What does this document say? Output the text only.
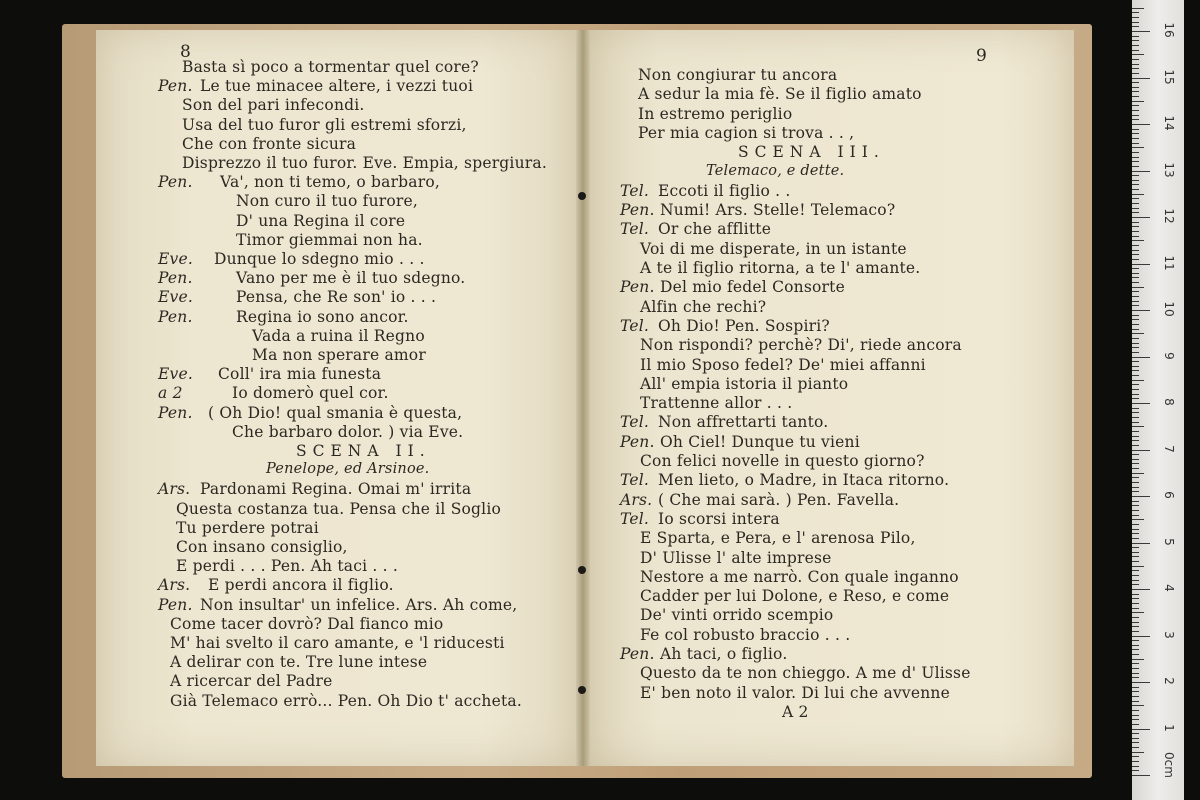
8	9
Basta sì poco a tormentar quel core?
Pen. Le tue minacee altere, i vezzi tuoi
Son del pari infecondi.
Usa del tuo furor gli estremi sforzi,
Che con fronte sicura
Disprezzo il tuo furor. Eve. Empia, spergiura.
Pen. Va', non ti temo, o barbaro,
Non curo il tuo furore,
D' una Regina il core
Timor giemmai non ha.
Eve. Dunque lo sdegno mio . . .
Pen.	Vano per me è il tuo sdegno.
Eve.	Pensa, che Re son' io . . .
Pen.	Regina io sono ancor.
Vada a ruina il Regno
Ma non sperare amor
Eve. Coll' ira mia funesta
a 2	Io domerò quel cor.
Pen. ( Oh Dio! qual smania è questa,
Che barbaro dolor. ) via Eve.
SCENA II.
Penelope, ed Arsinoe.
Ars. Pardonami Regina. Omai m' irrita
Questa costanza tua. Pensa che il Soglio
Tu perdere potrai
Con insano consiglio,
E perdi . . . Pen. Ah taci . . .
Ars. E perdi ancora il figlio.
Pen. Non insultar' un infelice. Ars. Ah come,
Come tacer dovrò? Dal fianco mio
M' hai svelto il caro amante, e 'l riducesti
A delirar con te. Tre lune intese
A ricercar del Padre
Già Telemaco errò... Pen. Oh Dio t' accheta.
Non congiurar tu ancora
A sedur la mia fè. Se il figlio amato
In estremo periglio
Per mia cagion si trova . . ,
SCENA III.
Telemaco, e dette.
Tel. Eccoti il figlio . .
Pen. Numi! Ars. Stelle! Telemaco?
Tel. Or che afflitte
Voi di me disperate, in un istante
A te il figlio ritorna, a te l' amante.
Pen. Del mio fedel Consorte
Alfin che rechi?
Tel. Oh Dio! Pen. Sospiri?
Non rispondi? perchè? Di', riede ancora
Il mio Sposo fedel? De' miei affanni
All' empia istoria il pianto
Trattenne allor . . .
Tel. Non affrettarti tanto.
Pen. Oh Ciel! Dunque tu vieni
Con felici novelle in questo giorno?
Tel. Men lieto, o Madre, in Itaca ritorno.
Ars. ( Che mai sarà. ) Pen. Favella.
Tel. Io scorsi intera
E Sparta, e Pera, e l' arenosa Pilo,
D' Ulisse l' alte imprese
Nestore a me narrò. Con quale inganno
Cadder per lui Dolone, e Reso, e come
De' vinti orrido scempio
Fe col robusto braccio . . .
Pen. Ah taci, o figlio.
Questo da te non chieggo. A me d' Ulisse
E' ben noto il valor. Di lui che avvenne
A 2
1
2
3
4
5
6
7
8
9
10
11
12
13
14
15
16
0cm
